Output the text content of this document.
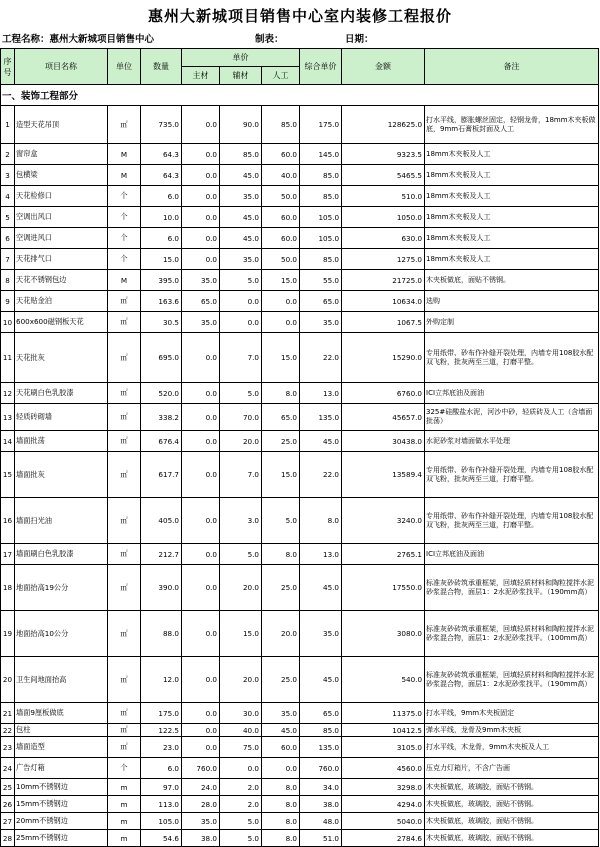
惠州大新城项目销售中心室内装修工程报价
工程名称：惠州大新城项目销售中心	制表：	日期：
序号	项目名称	单位	数量	单价			综合单价	金额	备注
				主材	辅材	人工			
一、装饰工程部分									
1	造型天花吊顶	㎡	735.0	0.0	90.0	85.0	175.0	128625.0	打水平线，膨胀螺丝固定，轻钢龙骨，18mm木夹板做底，9mm石膏板封面及人工
2	窗帘盒	M	64.3	0.0	85.0	60.0	145.0	9323.5	18mm木夹板及人工
3	包横梁	M	64.3	0.0	45.0	40.0	85.0	5465.5	18mm木夹板及人工
4	天花检修口	个	6.0	0.0	35.0	50.0	85.0	510.0	18mm木夹板及人工
5	空调出风口	个	10.0	0.0	45.0	60.0	105.0	1050.0	18mm木夹板及人工
6	空调进风口	个	6.0	0.0	45.0	60.0	105.0	630.0	18mm木夹板及人工
7	天花排气口	个	15.0	0.0	35.0	50.0	85.0	1275.0	18mm木夹板及人工
8	天花不锈钢包边	M	395.0	35.0	5.0	15.0	55.0	21725.0	木夹板做底，面贴不锈钢。
9	天花贴金泊	㎡	163.6	65.0	0.0	0.0	65.0	10634.0	选购
10	600x600磁钢板天花	㎡	30.5	35.0	0.0	0.0	35.0	1067.5	外购定制
11	天花批灰	㎡	695.0	0.0	7.0	15.0	22.0	15290.0	专用纸带、砂布作补缝开裂处理，内墙专用108胶水配双飞粉，批灰两至三道，打磨平整。
12	天花刷白色乳胶漆	㎡	520.0	0.0	5.0	8.0	13.0	6760.0	ICI立邦底油及面油
13	轻质砖砌墙	㎡	338.2	0.0	70.0	65.0	135.0	45657.0	325#硅酸盐水泥，河沙中砂，轻质砖及人工（含墙面批荡）
14	墙面批荡	㎡	676.4	0.0	20.0	25.0	45.0	30438.0	水泥砂浆对墙面做水平处理
15	墙面批灰	㎡	617.7	0.0	7.0	15.0	22.0	13589.4	专用纸带、砂布作补缝开裂处理，内墙专用108胶水配双飞粉，批灰两至三道，打磨平整。
16	墙面扫光油	㎡	405.0	0.0	3.0	5.0	8.0	3240.0	专用纸带、砂布作补缝开裂处理，内墙专用108胶水配双飞粉，批灰两至三道，打磨平整。
17	墙面刷白色乳胶漆	㎡	212.7	0.0	5.0	8.0	13.0	2765.1	ICI立邦底油及面油
18	地面抬高19公分	㎡	390.0	0.0	20.0	25.0	45.0	17550.0	标准灰砂砖筑承重框架，回填轻质材料和陶粒搅拌水泥砂浆混合物，面层1：2水泥砂浆找平。（190mm高）
19	地面抬高10公分	㎡	88.0	0.0	15.0	20.0	35.0	3080.0	标准灰砂砖筑承重框架，回填轻质材料和陶粒搅拌水泥砂浆混合物，面层1：2水泥砂浆找平。（100mm高）
20	卫生间地面抬高	㎡	12.0	0.0	20.0	25.0	45.0	540.0	标准灰砂砖筑承重框架，回填轻质材料和陶粒搅拌水泥砂浆混合物，面层1：2水泥砂浆找平。（190mm高）
21	墙面9厘板做底	㎡	175.0	0.0	30.0	35.0	65.0	11375.0	打水平线，9mm木夹板固定
22	包柱	㎡	122.5	0.0	40.0	45.0	85.0	10412.5	弹水平线，龙骨及9mm木夹板
23	墙面造型	㎡	23.0	0.0	75.0	60.0	135.0	3105.0	打水平线，木龙骨，9mm木夹板及人工
24	广告灯箱	个	6.0	760.0	0.0	0.0	760.0	4560.0	压克力灯箱片，不含广告画
25	10mm不锈钢边	m	97.0	24.0	2.0	8.0	34.0	3298.0	木夹板做底，玻璃胶，面贴不锈钢。
26	15mm不锈钢边	m	113.0	28.0	2.0	8.0	38.0	4294.0	木夹板做底，玻璃胶，面贴不锈钢。
27	20mm不锈钢边	m	105.0	35.0	5.0	8.0	48.0	5040.0	木夹板做底，玻璃胶，面贴不锈钢。
28	25mm不锈钢边	m	54.6	38.0	5.0	8.0	51.0	2784.6	木夹板做底，玻璃胶，面贴不锈钢。
